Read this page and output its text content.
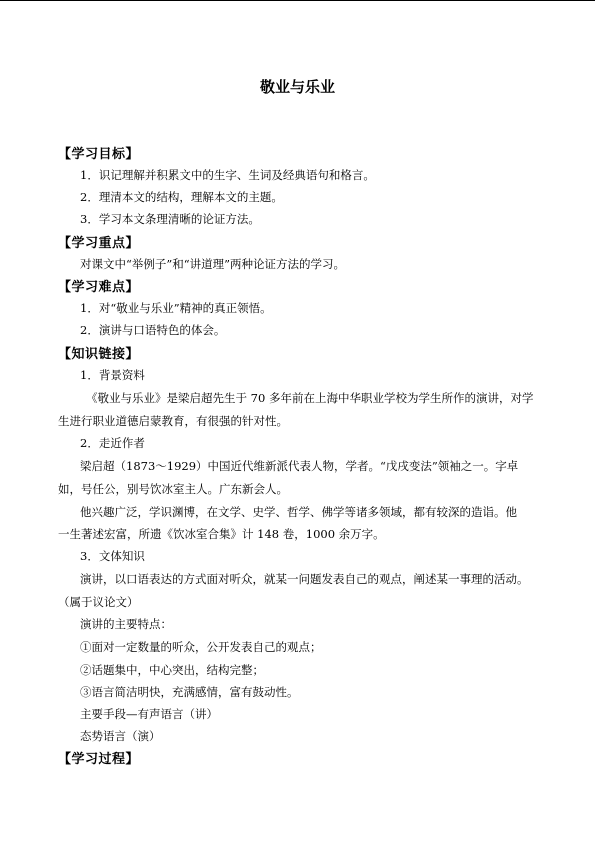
敬业与乐业
【学习目标】
1．识记理解并积累文中的生字、生词及经典语句和格言。
2．理清本文的结构，理解本文的主题。
3．学习本文条理清晰的论证方法。
【学习重点】
对课文中“举例子”和“讲道理”两种论证方法的学习。
【学习难点】
1．对“敬业与乐业”精神的真正领悟。
2．演讲与口语特色的体会。
【知识链接】
1．背景资料
《敬业与乐业》是梁启超先生于 70 多年前在上海中华职业学校为学生所作的演讲，对学
生进行职业道德启蒙教育，有很强的针对性。
2．走近作者
梁启超（1873～1929）中国近代维新派代表人物，学者。“戊戌变法”领袖之一。字卓
如，号任公，别号饮冰室主人。广东新会人。
他兴趣广泛，学识渊博，在文学、史学、哲学、佛学等诸多领域，都有较深的造诣。他
一生著述宏富，所遗《饮冰室合集》计 148 卷，1000 余万字。
3．文体知识
演讲，以口语表达的方式面对听众，就某一问题发表自己的观点，阐述某一事理的活动。
（属于议论文）
演讲的主要特点：
①面对一定数量的听众，公开发表自己的观点；
②话题集中，中心突出，结构完整；
③语言简洁明快，充满感情，富有鼓动性。
主要手段—有声语言（讲）
态势语言（演）
【学习过程】
